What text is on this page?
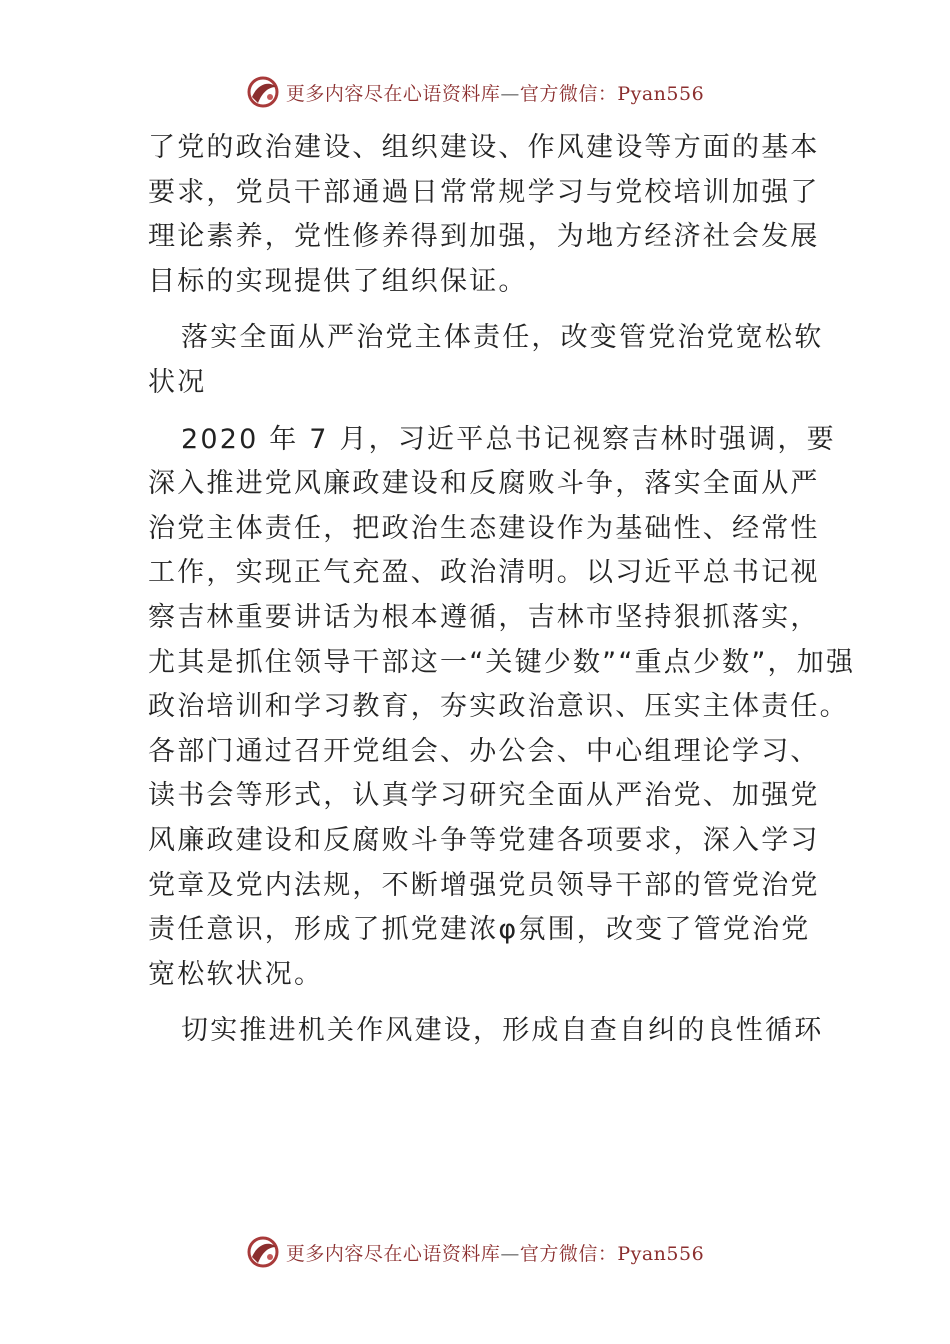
更多内容尽在心语资料库—官方微信：Pyan556
了党的政治建设、组织建设、作风建设等方面的基本
要求，党员干部通過日常常规学习与党校培训加强了
理论素养，党性修养得到加强，为地方经济社会发展
目标的实现提供了组织保证。
落实全面从严治党主体责任，改变管党治党宽松软
状况
2020 年 7 月，习近平总书记视察吉林时强调，要
深入推进党风廉政建设和反腐败斗争，落实全面从严
治党主体责任，把政治生态建设作为基础性、经常性
工作，实现正气充盈、政治清明。以习近平总书记视
察吉林重要讲话为根本遵循，吉林市坚持狠抓落实，
尤其是抓住领导干部这一“关键少数”“重点少数”，加强
政治培训和学习教育，夯实政治意识、压实主体责任。
各部门通过召开党组会、办公会、中心组理论学习、
读书会等形式，认真学习研究全面从严治党、加强党
风廉政建设和反腐败斗争等党建各项要求，深入学习
党章及党内法规，不断增强党员领导干部的管党治党
责任意识，形成了抓党建浓φ氛围，改变了管党治党
宽松软状况。
切实推进机关作风建设，形成自查自纠的良性循环
更多内容尽在心语资料库—官方微信：Pyan556
